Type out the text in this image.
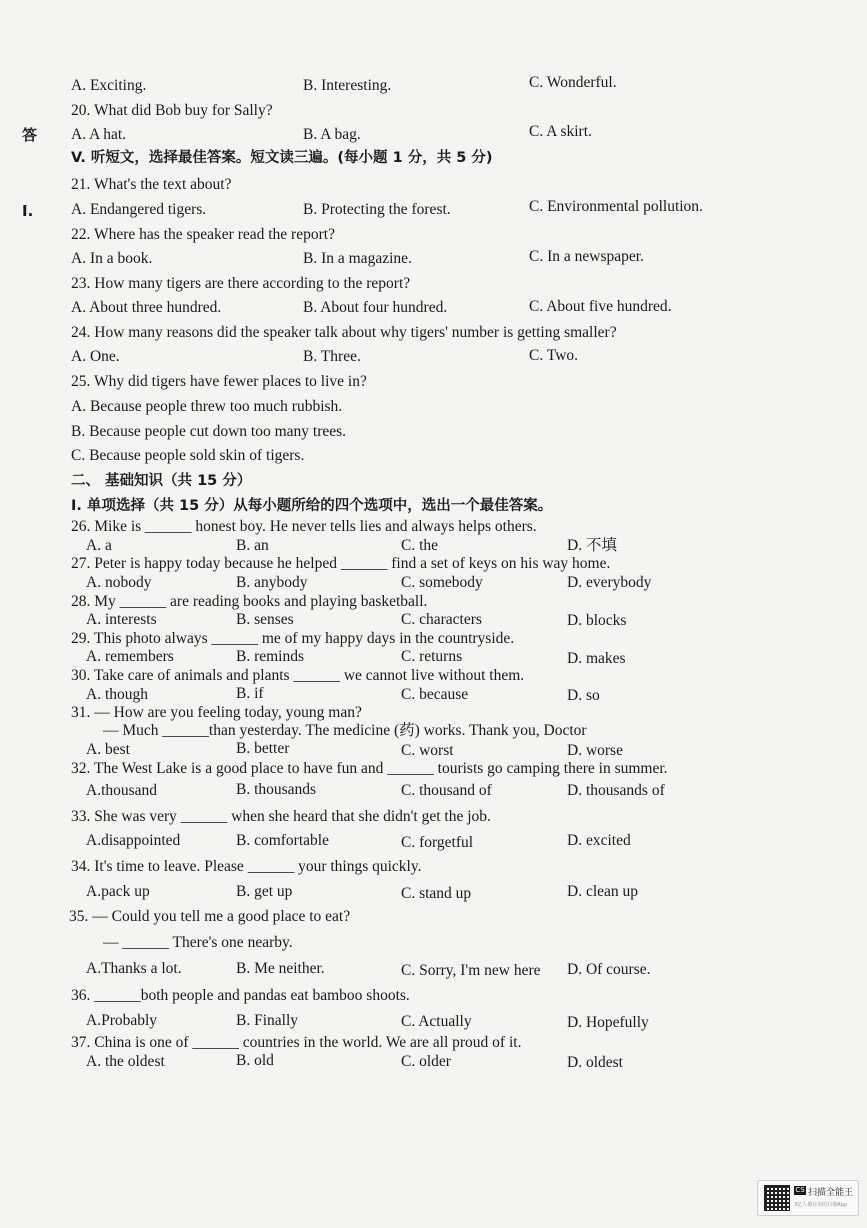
A. Exciting.	B. Interesting.	C. Wonderful.
20. What did Bob buy for Sally?
A. A hat.	B. A bag.	C. A skirt.
21. What's the text about?
A. Endangered tigers.	B. Protecting the forest.	C. Environmental pollution.
22. Where has the speaker read the report?
A. In a book.	B. In a magazine.	C. In a newspaper.
23. How many tigers are there according to the report?
A. About three hundred.	B. About four hundred.	C. About five hundred.
24. How many reasons did the speaker talk about why tigers' number is getting smaller?
A. One.	B. Three.	C. Two.
25. Why did tigers have fewer places to live in?
A. Because people threw too much rubbish.
B. Because people cut down too many trees.
C. Because people sold skin of tigers.
26. Mike is ______ honest boy. He never tells lies and always helps others.
A. a	B. an	C. the	D. 不填
27. Peter is happy today because he helped ______ find a set of keys on his way home.
A. nobody	B. anybody	C. somebody	D. everybody
28. My ______ are reading books and playing basketball.
A. interests	B. senses	C. characters	D. blocks
29. This photo always ______ me of my happy days in the countryside.
A. remembers	B. reminds	C. returns	D. makes
30. Take care of animals and plants ______ we cannot live without them.
A. though	B. if	C. because	D. so
31. — How are you feeling today, young man?
— Much ______than yesterday. The medicine (药) works. Thank you, Doctor
A. best	B. better	C. worst	D. worse
32. The West Lake is a good place to have fun and ______ tourists go camping there in summer.
A.thousand	B. thousands	C. thousand of	D. thousands of
33. She was very ______ when she heard that she didn't get the job.
A.disappointed	B. comfortable	C. forgetful	D. excited
34. It's time to leave. Please ______ your things quickly.
A.pack up	B. get up	C. stand up	D. clean up
35. — Could you tell me a good place to eat?
— ______ There's one nearby.
A.Thanks a lot.	B. Me neither.	C. Sorry, I'm new here D. Of course.
36. ______both people and pandas eat bamboo shoots.
A.Probably	B. Finally	C. Actually	D. Hopefully
37. China is one of ______ countries in the world. We are all proud of it.
A. the oldest	B. old	C. older	D. oldest
V. 听短文，选择最佳答案。短文读三遍。(每小题 1 分，共 5 分)
二、 基础知识（共 15 分）
I. 单项选择（共 15 分）从每小题所给的四个选项中，选出一个最佳答案。
答
I.
CS 扫描全能王
3亿人都在用的扫描App
